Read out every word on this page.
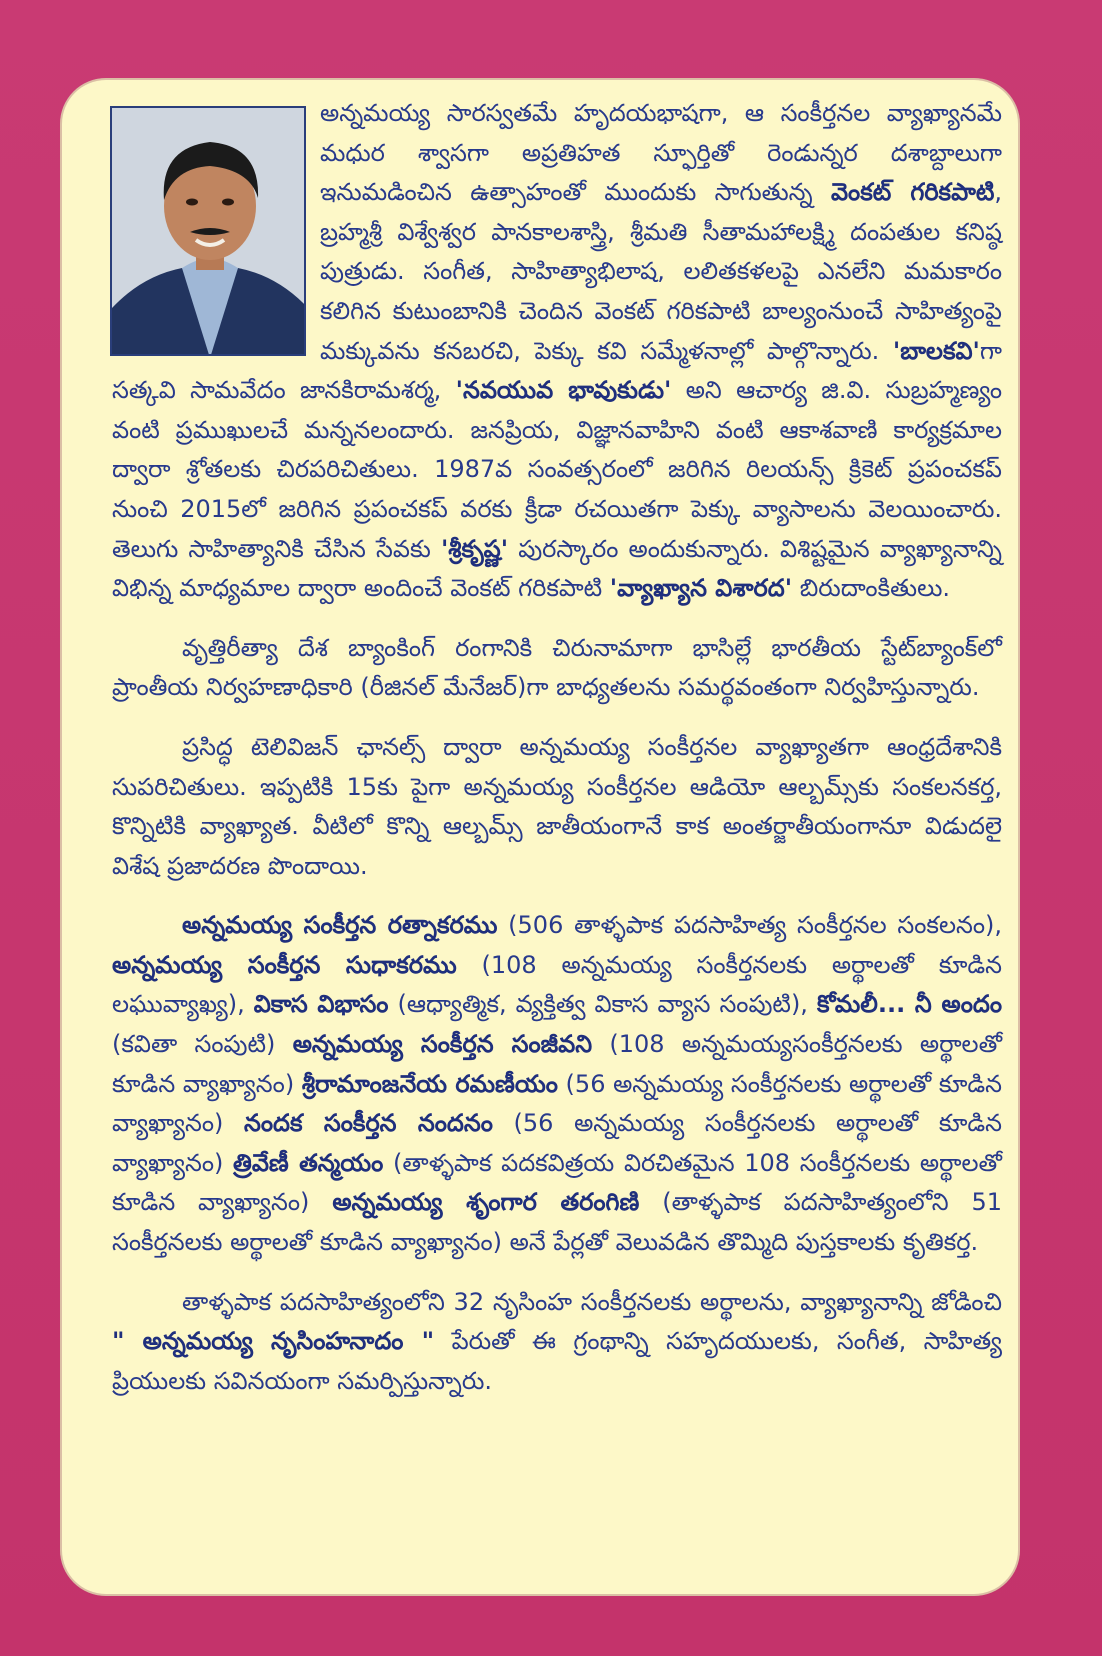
అన్నమయ్య సారస్వతమే హృదయభాషగా, ఆ సంకీర్తనల వ్యాఖ్యానమే మధుర శ్వాసగా అప్రతిహత స్ఫూర్తితో రెండున్నర దశాబ్దాలుగా ఇనుమడించిన ఉత్సాహంతో ముందుకు సాగుతున్న వెంకట్ గరికపాటి, బ్రహ్మశ్రీ విశ్వేశ్వర పానకాలశాస్త్రి, శ్రీమతి సీతామహాలక్ష్మి దంపతుల కనిష్ఠ పుత్రుడు. సంగీత, సాహిత్యాభిలాష, లలితకళలపై ఎనలేని మమకారం కలిగిన కుటుంబానికి చెందిన వెంకట్ గరికపాటి బాల్యంనుంచే సాహిత్యంపై మక్కువను కనబరచి, పెక్కు కవి సమ్మేళనాల్లో పాల్గొన్నారు. 'బాలకవి'గా సత్కవి సామవేదం జానకిరామశర్మ, 'నవయువ భావుకుడు' అని ఆచార్య జి.వి. సుబ్రహ్మణ్యం వంటి ప్రముఖులచే మన్ననలందారు. జనప్రియ, విజ్ఞానవాహిని వంటి ఆకాశవాణి కార్యక్రమాల ద్వారా శ్రోతలకు చిరపరిచితులు. 1987వ సంవత్సరంలో జరిగిన రిలయన్స్ క్రికెట్ ప్రపంచకప్ నుంచి 2015లో జరిగిన ప్రపంచకప్ వరకు క్రీడా రచయితగా పెక్కు వ్యాసాలను వెలయించారు. తెలుగు సాహిత్యానికి చేసిన సేవకు 'శ్రీకృష్ణ' పురస్కారం అందుకున్నారు. విశిష్టమైన వ్యాఖ్యానాన్ని విభిన్న మాధ్యమాల ద్వారా అందించే వెంకట్ గరికపాటి 'వ్యాఖ్యాన విశారద' బిరుదాంకితులు.

వృత్తిరీత్యా దేశ బ్యాంకింగ్ రంగానికి చిరునామాగా భాసిల్లే భారతీయ స్టేట్‌బ్యాంక్‌లో ప్రాంతీయ నిర్వహణాధికారి (రీజినల్ మేనేజర్)గా బాధ్యతలను సమర్థవంతంగా నిర్వహిస్తున్నారు.

ప్రసిద్ధ టెలివిజన్ ఛానల్స్ ద్వారా అన్నమయ్య సంకీర్తనల వ్యాఖ్యాతగా ఆంధ్రదేశానికి సుపరిచితులు. ఇప్పటికి 15కు పైగా అన్నమయ్య సంకీర్తనల ఆడియో ఆల్బమ్స్‌కు సంకలనకర్త, కొన్నిటికి వ్యాఖ్యాత. వీటిలో కొన్ని ఆల్బమ్స్ జాతీయంగానే కాక అంతర్జాతీయంగానూ విడుదలై విశేష ప్రజాదరణ పొందాయి.

అన్నమయ్య సంకీర్తన రత్నాకరము (506 తాళ్ళపాక పదసాహిత్య సంకీర్తనల సంకలనం), అన్నమయ్య సంకీర్తన సుధాకరము (108 అన్నమయ్య సంకీర్తనలకు అర్థాలతో కూడిన లఘువ్యాఖ్య), వికాస విభాసం (ఆధ్యాత్మిక, వ్యక్తిత్వ వికాస వ్యాస సంపుటి), కోమలీ... నీ అందం (కవితా సంపుటి) అన్నమయ్య సంకీర్తన సంజీవని (108 అన్నమయ్యసంకీర్తనలకు అర్థాలతో కూడిన వ్యాఖ్యానం) శ్రీరామాంజనేయ రమణీయం (56 అన్నమయ్య సంకీర్తనలకు అర్థాలతో కూడిన వ్యాఖ్యానం) నందక సంకీర్తన నందనం (56 అన్నమయ్య సంకీర్తనలకు అర్థాలతో కూడిన వ్యాఖ్యానం) త్రివేణీ తన్మయం (తాళ్ళపాక పదకవిత్రయ విరచితమైన 108 సంకీర్తనలకు అర్థాలతో కూడిన వ్యాఖ్యానం) అన్నమయ్య శృంగార తరంగిణి (తాళ్ళపాక పదసాహిత్యంలోని 51 సంకీర్తనలకు అర్థాలతో కూడిన వ్యాఖ్యానం) అనే పేర్లతో వెలువడిన తొమ్మిది పుస్తకాలకు కృతికర్త.

తాళ్ళపాక పదసాహిత్యంలోని 32 నృసింహ సంకీర్తనలకు అర్థాలను, వ్యాఖ్యానాన్ని జోడించి " అన్నమయ్య నృసింహనాదం " పేరుతో ఈ గ్రంథాన్ని సహృదయులకు, సంగీత, సాహిత్య ప్రియులకు సవినయంగా సమర్పిస్తున్నారు.
